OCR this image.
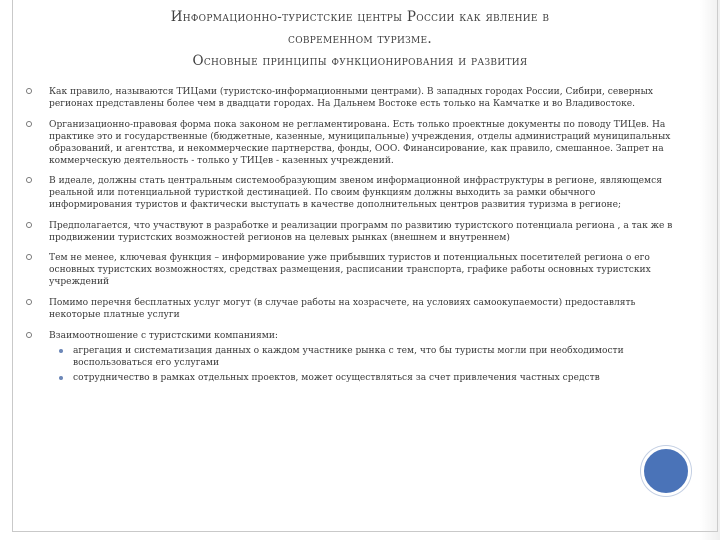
Информационно-туристские центры России как явление в
современном туризме.
Основные принципы функционирования и развития
Как правило, называются ТИЦами (туристско-информационными центрами). В западных городах России, Сибири, северных регионах представлены более чем в двадцати городах. На Дальнем Востоке есть только на Камчатке и во Владивостоке.
Организационно-правовая форма пока законом не регламентирована. Есть только проектные документы по поводу ТИЦев. На практике это и государственные (бюджетные, казенные, муниципальные) учреждения, отделы администраций муниципальных образований, и агентства, и некоммерческие партнерства, фонды, ООО. Финансирование, как правило, смешанное. Запрет на коммерческую деятельность - только у ТИЦев - казенных учреждений.
В идеале, должны стать центральным системообразующим звеном информационной инфраструктуры в регионе, являющемся реальной или потенциальной туристкой дестинацией. По своим функциям должны выходить за рамки обычного информирования туристов и фактически выступать в качестве дополнительных центров развития туризма в регионе;
Предполагается, что участвуют в разработке и реализации программ по развитию туристского потенциала региона , а так же в продвижении туристских возможностей регионов на целевых рынках (внешнем и внутреннем)
Тем не менее, ключевая функция – информирование уже прибывших туристов и потенциальных посетителей региона о его основных туристских возможностях, средствах размещения, расписании транспорта, графике работы основных туристских учреждений
Помимо перечня бесплатных услуг могут (в случае работы на хозрасчете, на условиях самоокупаемости) предоставлять некоторые платные услуги
Взаимоотношение с туристскими компаниями:
агрегация и систематизация данных о каждом участнике рынка с тем, что бы туристы могли при необходимости воспользоваться его услугами
сотрудничество в рамках отдельных проектов, может осуществляться за счет привлечения частных средств
